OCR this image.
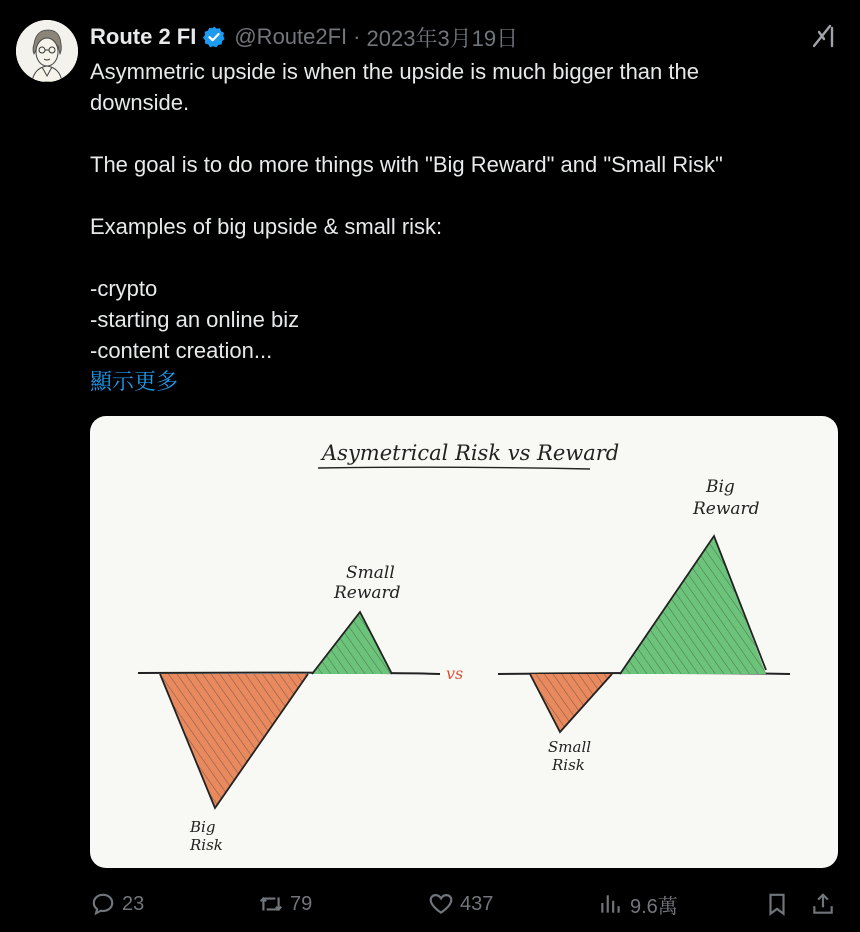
Route 2 FI @Route2FI · 2023年3月19日

Asymmetric upside is when the upside is much bigger than the downside.

The goal is to do more things with "Big Reward" and "Small Risk"

Examples of big upside & small risk:

-crypto

-starting an online biz

-content creation...

顯示更多

Asymetrical Risk vs Reward
Small
Reward
Big
Risk
vs
Big
Reward
Small
Risk
23	79	437	9.6萬
